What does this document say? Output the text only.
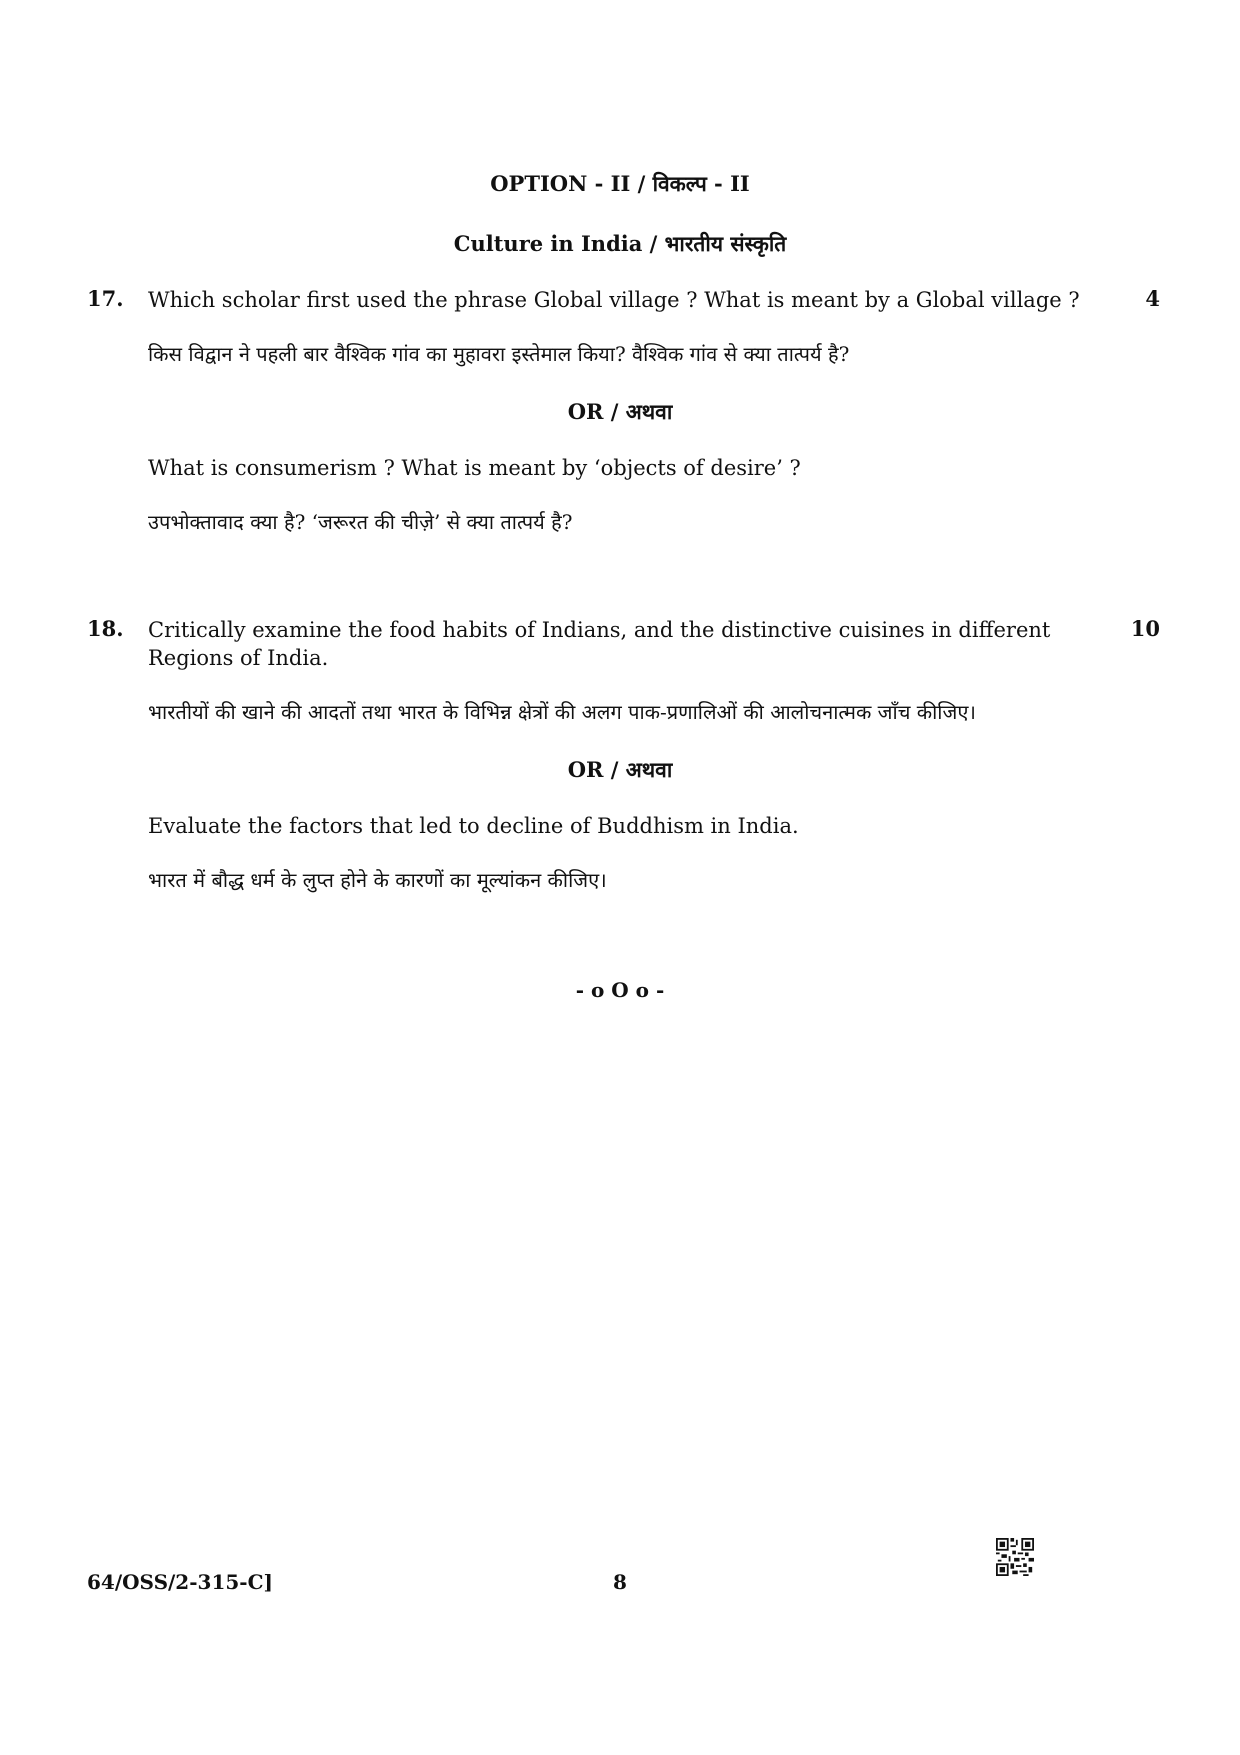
OPTION - II / विकल्प - II
Culture in India / भारतीय संस्कृति
17. Which scholar first used the phrase Global village ? What is meant by a Global village ?	4
किस विद्वान ने पहली बार वैश्विक गांव का मुहावरा इस्तेमाल किया? वैश्विक गांव से क्या तात्पर्य है?
OR / अथवा
What is consumerism ? What is meant by ‘objects of desire’ ?
उपभोक्तावाद क्या है? ‘जरूरत की चीज़े’ से क्या तात्पर्य है?
18. Critically examine the food habits of Indians, and the distinctive cuisines in different Regions of India.
10
भारतीयों की खाने की आदतों तथा भारत के विभिन्न क्षेत्रों की अलग पाक-प्रणालिओं की आलोचनात्मक जाँच कीजिए।
OR / अथवा
Evaluate the factors that led to decline of Buddhism in India.
भारत में बौद्ध धर्म के लुप्त होने के कारणों का मूल्यांकन कीजिए।
- o O o -
64/OSS/2-315-C]	8
